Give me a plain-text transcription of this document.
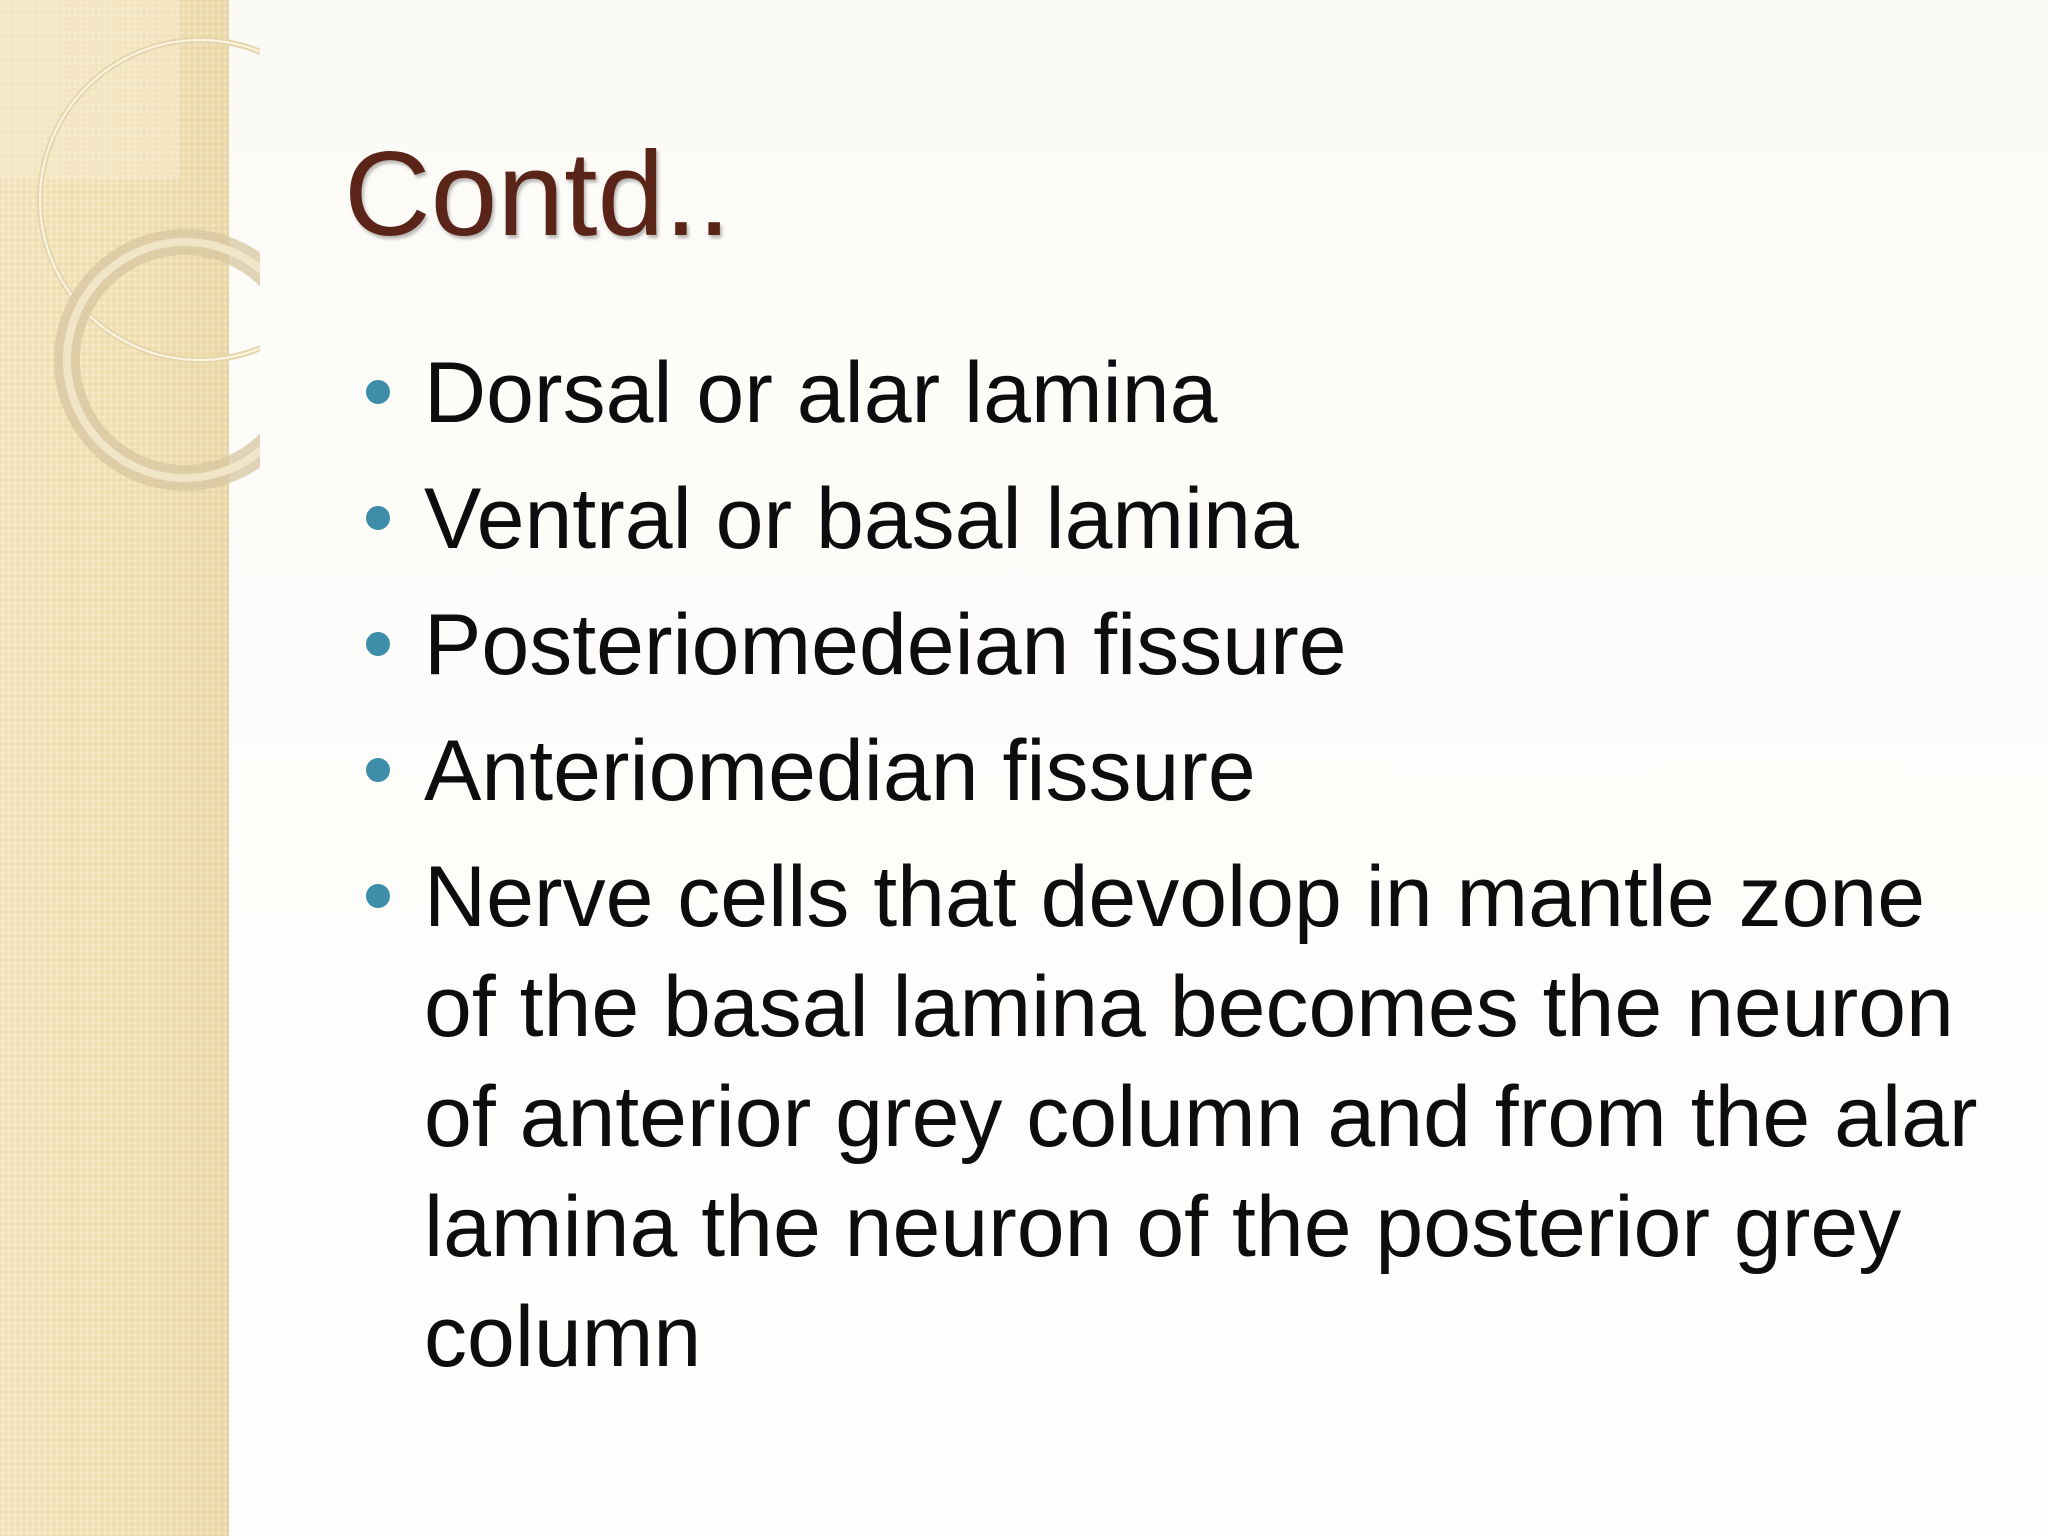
Contd..
Dorsal or alar lamina
Ventral or basal lamina
Posteriomedeian fissure
Anteriomedian fissure
Nerve cells that devolop in mantle zone of the basal lamina becomes the neuron of anterior grey column and from the alar lamina the neuron of the posterior grey column
